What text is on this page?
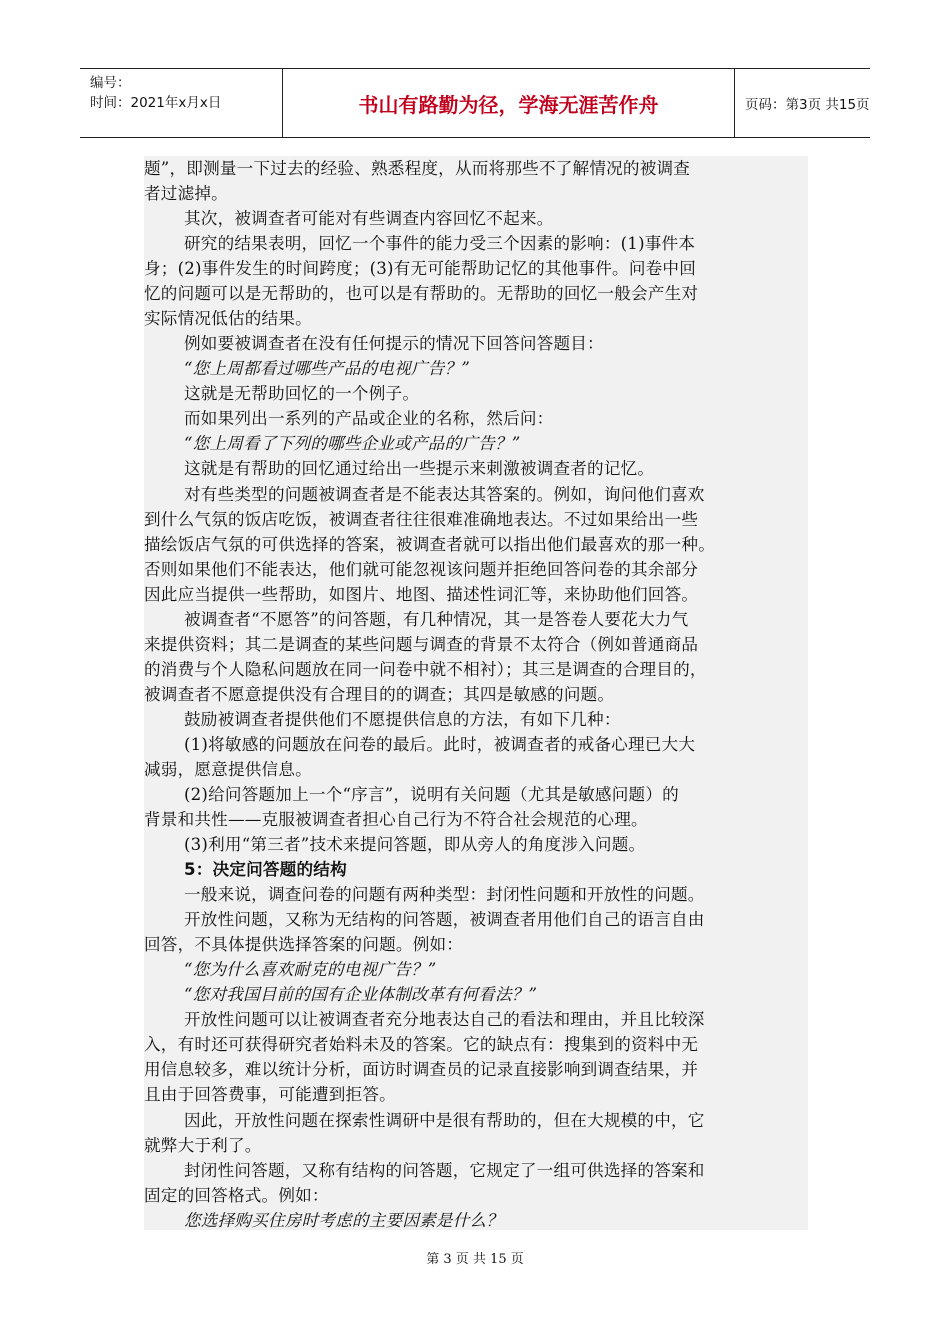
编号：
时间：2021年x月x日	书山有路勤为径，学海无涯苦作舟	页码：第3页 共15页
题”，即测量一下过去的经验、熟悉程度，从而将那些不了解情况的被调查
者过滤掉。
其次，被调查者可能对有些调查内容回忆不起来。
研究的结果表明，回忆一个事件的能力受三个因素的影响：(1)事件本
身；(2)事件发生的时间跨度；(3)有无可能帮助记忆的其他事件。问卷中回
忆的问题可以是无帮助的，也可以是有帮助的。无帮助的回忆一般会产生对
实际情况低估的结果。
例如要被调查者在没有任何提示的情况下回答问答题目：
“您上周都看过哪些产品的电视广告？”
这就是无帮助回忆的一个例子。
而如果列出一系列的产品或企业的名称，然后问：
“您上周看了下列的哪些企业或产品的广告？”
这就是有帮助的回忆通过给出一些提示来刺激被调查者的记忆。
对有些类型的问题被调查者是不能表达其答案的。例如，询问他们喜欢
到什么气氛的饭店吃饭，被调查者往往很难准确地表达。不过如果给出一些
描绘饭店气氛的可供选择的答案，被调查者就可以指出他们最喜欢的那一种。
否则如果他们不能表达，他们就可能忽视该问题并拒绝回答问卷的其余部分
因此应当提供一些帮助，如图片、地图、描述性词汇等，来协助他们回答。
被调查者“不愿答”的问答题，有几种情况，其一是答卷人要花大力气
来提供资料；其二是调查的某些问题与调查的背景不太符合（例如普通商品
的消费与个人隐私问题放在同一问卷中就不相衬）；其三是调查的合理目的，
被调查者不愿意提供没有合理目的的调查；其四是敏感的问题。
鼓励被调查者提供他们不愿提供信息的方法，有如下几种：
(1)将敏感的问题放在问卷的最后。此时，被调查者的戒备心理已大大
减弱，愿意提供信息。
(2)给问答题加上一个“序言”，说明有关问题（尤其是敏感问题）的
背景和共性——克服被调查者担心自己行为不符合社会规范的心理。
(3)利用“第三者”技术来提问答题，即从旁人的角度涉入问题。
5：决定问答题的结构
一般来说，调查问卷的问题有两种类型：封闭性问题和开放性的问题。
开放性问题，又称为无结构的问答题，被调查者用他们自己的语言自由
回答，不具体提供选择答案的问题。例如：
“您为什么喜欢耐克的电视广告？”
“您对我国目前的国有企业体制改革有何看法？”
开放性问题可以让被调查者充分地表达自己的看法和理由，并且比较深
入，有时还可获得研究者始料未及的答案。它的缺点有：搜集到的资料中无
用信息较多，难以统计分析，面访时调查员的记录直接影响到调查结果，并
且由于回答费事，可能遭到拒答。
因此，开放性问题在探索性调研中是很有帮助的，但在大规模的中，它
就弊大于利了。
封闭性问答题，又称有结构的问答题，它规定了一组可供选择的答案和
固定的回答格式。例如：
您选择购买住房时考虑的主要因素是什么？
第 3 页 共 15 页
